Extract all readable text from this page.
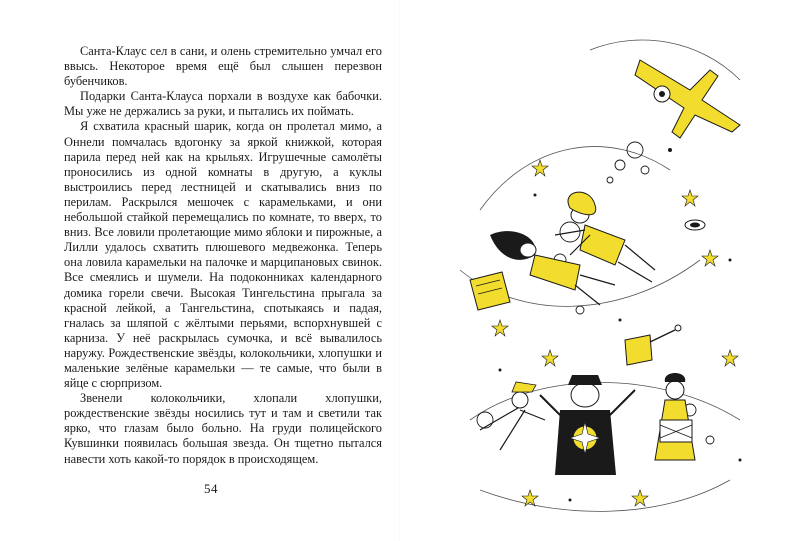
Санта-Клаус сел в сани, и олень стремительно умчал его ввысь. Некоторое время ещё был слышен перезвон бубенчиков.

Подарки Санта-Клауса порхали в воздухе как бабочки. Мы уже не держались за руки, и пытались их поймать.

Я схватила красный шарик, когда он пролетал мимо, а Оннели помчалась вдогонку за яркой книжкой, которая парила перед ней как на крыльях. Игрушечные самолёты проносились из одной комнаты в другую, а куклы выстроились перед лестницей и скатывались вниз по перилам. Раскрылся мешочек с карамельками, и они небольшой стайкой перемещались по комнате, то вверх, то вниз. Все ловили пролетающие мимо яблоки и пирожные, а Лилли удалось схватить плюшевого медвежонка. Теперь она ловила карамельки на палочке и марципановых свинок. Все смеялись и шумели. На подоконниках календарного домика горели свечи. Высокая Тингельстина прыгала за красной лейкой, а Тангельстина, спотыкаясь и падая, гналась за шляпой с жёлтыми перьями, вспорхнувшей с карниза. У неё раскрылась сумочка, и всё вывалилось наружу. Рождественские звёзды, колокольчики, хлопушки и маленькие зелёные карамельки — те самые, что были в яйце с сюрпризом.

Звенели колокольчики, хлопали хлопушки, рождественские звёзды носились тут и там и светили так ярко, что глазам было больно. На груди полицейского Кувшинки появилась большая звезда. Он тщетно пытался навести хоть какой-то порядок в происходящем.

54
